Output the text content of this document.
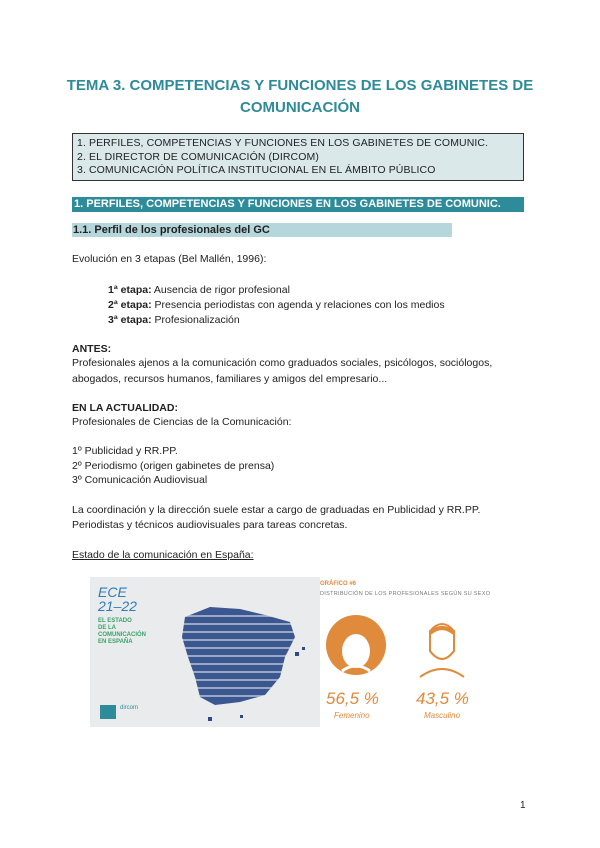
TEMA 3. COMPETENCIAS Y FUNCIONES DE LOS GABINETES DE
COMUNICACIÓN
1. PERFILES, COMPETENCIAS Y FUNCIONES EN LOS GABINETES DE COMUNIC.
2. EL DIRECTOR DE COMUNICACIÓN (DIRCOM)
3. COMUNICACIÓN POLÍTICA INSTITUCIONAL EN EL ÁMBITO PÚBLICO
1. PERFILES, COMPETENCIAS Y FUNCIONES EN LOS GABINETES DE COMUNIC.
1.1. Perfil de los profesionales del GC
Evolución en 3 etapas (Bel Mallén, 1996):
1ª etapa: Ausencia de rigor profesional
2ª etapa: Presencia periodistas con agenda y relaciones con los medios
3ª etapa: Profesionalización
ANTES:
Profesionales ajenos a la comunicación como graduados sociales, psicólogos, sociólogos,
abogados, recursos humanos, familiares y amigos del empresario...
EN LA ACTUALIDAD:
Profesionales de Ciencias de la Comunicación:
1º Publicidad y RR.PP.
2º Periodismo (origen gabinetes de prensa)
3º Comunicación Audiovisual
La coordinación y la dirección suele estar a cargo de graduadas en Publicidad y RR.PP.
Periodistas y técnicos audiovisuales para tareas concretas.
Estado de la comunicación en España:
ECE
21–22
EL ESTADO
DE LA
COMUNICACIÓN
EN ESPAÑA
dircom
GRÁFICO #6
DISTRIBUCIÓN DE LOS PROFESIONALES SEGÚN SU SEXO
56,5 %
Femenino
43,5 %
Masculino
1
